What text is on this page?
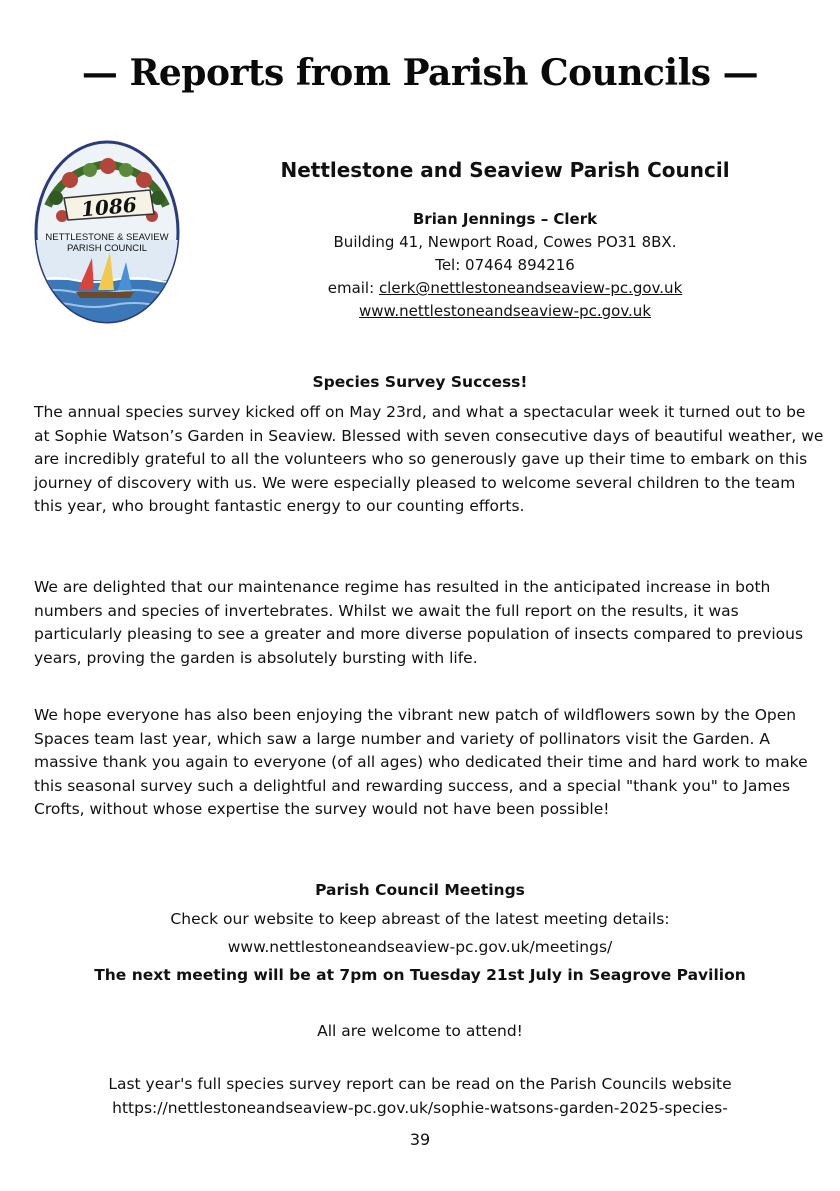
— Reports from Parish Councils —
1086
NETTLESTONE & SEAVIEW
PARISH COUNCIL
Nettlestone and Seaview Parish Council
Brian Jennings – Clerk
Building 41, Newport Road, Cowes PO31 8BX.
Tel: 07464 894216
email: clerk@nettlestoneandseaview-pc.gov.uk
www.nettlestoneandseaview-pc.gov.uk
Species Survey Success!
The annual species survey kicked off on May 23rd, and what a spectacular week it turned out to be at Sophie Watson’s Garden in Seaview. Blessed with seven consecutive days of beautiful weather, we are incredibly grateful to all the volunteers who so generously gave up their time to embark on this journey of discovery with us. We were especially pleased to welcome several children to the team this year, who brought fantastic energy to our counting efforts.
We are delighted that our maintenance regime has resulted in the anticipated increase in both numbers and species of invertebrates. Whilst we await the full report on the results, it was particularly pleasing to see a greater and more diverse population of insects compared to previous years, proving the garden is absolutely bursting with life.
We hope everyone has also been enjoying the vibrant new patch of wildflowers sown by the Open Spaces team last year, which saw a large number and variety of pollinators visit the Garden. A massive thank you again to everyone (of all ages) who dedicated their time and hard work to make this seasonal survey such a delightful and rewarding success, and a special "thank you" to James Crofts, without whose expertise the survey would not have been possible!
Parish Council Meetings
Check our website to keep abreast of the latest meeting details:
www.nettlestoneandseaview-pc.gov.uk/meetings/
The next meeting will be at 7pm on Tuesday 21st July in Seagrove Pavilion
All are welcome to attend!
Last year's full species survey report can be read on the Parish Councils website
https://nettlestoneandseaview-pc.gov.uk/sophie-watsons-garden-2025-species-
39
